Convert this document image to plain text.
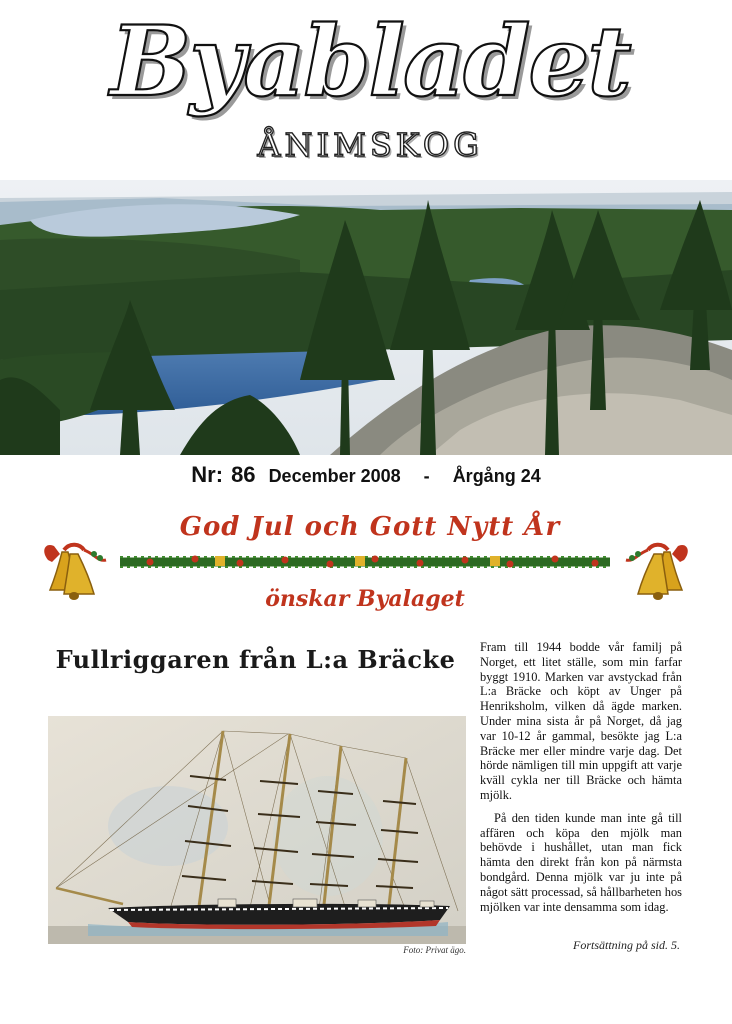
Byabladet
ÅNIMSKOG
Nr: 86 December 2008 - Årgång 24
God Jul och Gott Nytt År
önskar Byalaget
Fullriggaren från L:a Bräcke
Foto: Privat ägo.

Fram till 1944 bodde vår familj på Norget, ett litet ställe, som min farfar byggt 1910. Marken var avstyckad från L:a Bräcke och köpt av Unger på Henriksholm, vilken då ägde marken. Under mina sista år på Norget, då jag var 10-12 år gammal, besökte jag L:a Bräcke mer eller mindre varje dag. Det hörde nämligen till min uppgift att varje kväll cykla ner till Bräcke och hämta mjölk.

På den tiden kunde man inte gå till affären och köpa den mjölk man behövde i hushållet, utan man fick hämta den direkt från kon på närmsta bondgård. Denna mjölk var ju inte på något sätt processad, så hållbarheten hos mjölken var inte densamma som idag.

Fortsättning på sid. 5.
